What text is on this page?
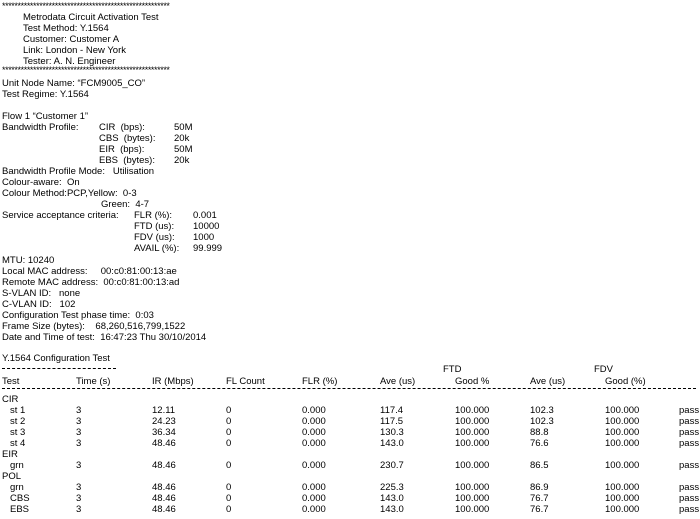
******************************************************
Metrodata Circuit Activation Test
Test Method: Y.1564
Customer: Customer A
Link: London - New York
Tester: A. N. Engineer
******************************************************
Unit Node Name: “FCM9005_CO”
Test Regime: Y.1564
Flow 1 “Customer 1”
Bandwidth Profile: CIR  (bps):	50M
CBS  (bytes): 20k
EIR  (bps):	50M
EBS  (bytes): 20k
Bandwidth Profile Mode:   Utilisation
Colour-aware:  On
Colour Method:PCP,Yellow:  0-3
Green:  4-7
Service acceptance criteria: FLR (%): 0.001
FTD (us): 10000
FDV (us): 1000
AVAIL (%): 99.999
MTU: 10240
Local MAC address:     00:c0:81:00:13:ae
Remote MAC address:  00:c0:81:00:13:ad
S-VLAN ID:   none
C-VLAN ID:   102
Configuration Test phase time:  0:03
Frame Size (bytes):    68,260,516,799,1522
Date and Time of test:  16:47:23 Thu 30/10/2014
Y.1564 Configuration Test
FTD	FDV
Test	Time (s)	IR (Mbps)	FL Count	FLR (%)	Ave (us)	Good %	Ave (us)	Good (%)
CIR
st 1	3	12.11	0	0.000	117.4	100.000	102.3	100.000	pass
st 2	3	24.23	0	0.000	117.5	100.000	102.3	100.000	pass
st 3	3	36.34	0	0.000	130.3	100.000	88.8	100.000	pass
st 4	3	48.46	0	0.000	143.0	100.000	76.6	100.000	pass
EIR
grn	3	48.46	0	0.000	230.7	100.000	86.5	100.000	pass
POL
grn	3	48.46	0	0.000	225.3	100.000	86.9	100.000	pass
CBS	3	48.46	0	0.000	143.0	100.000	76.7	100.000	pass
EBS	3	48.46	0	0.000	143.0	100.000	76.7	100.000	pass
